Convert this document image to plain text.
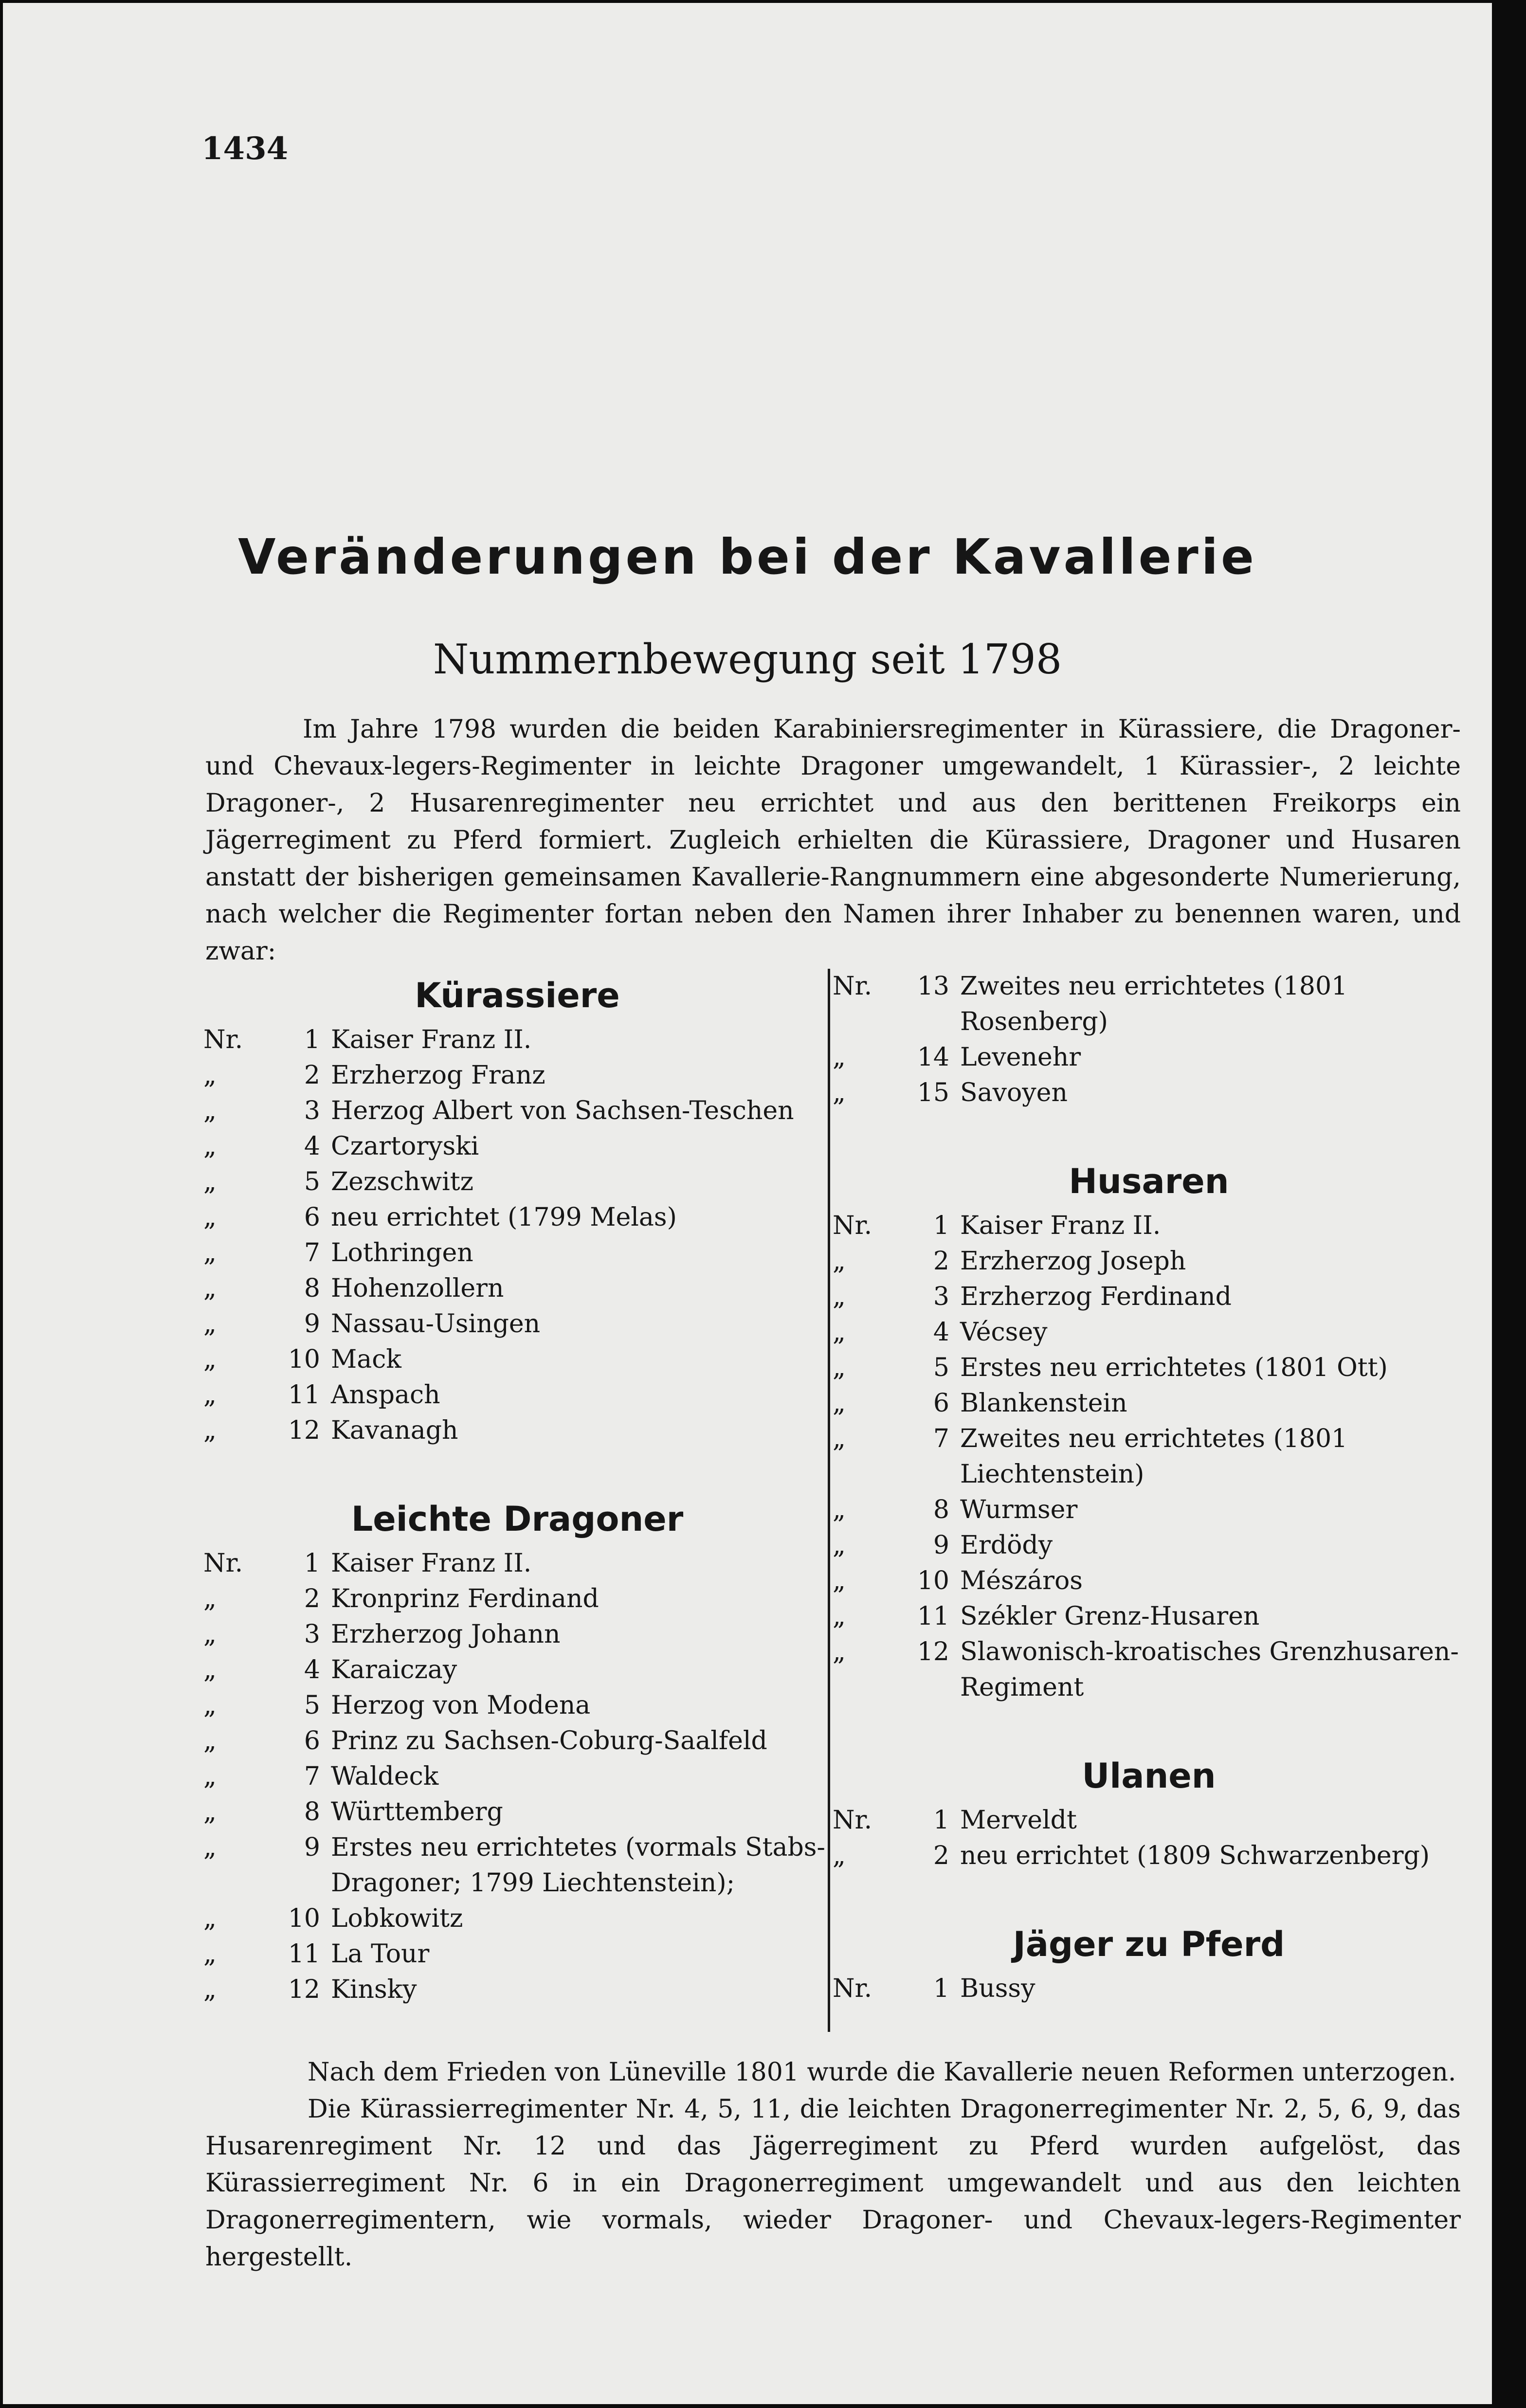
1434

Veränderungen bei der Kavallerie
Nummernbewegung seit 1798

Im Jahre 1798 wurden die beiden Karabiniersregimenter in Kürassiere, die Dragoner- und Chevaux-legers-Regimenter in leichte Dragoner umgewandelt, 1 Kürassier-, 2 leichte Dragoner-, 2 Husarenregimenter neu errichtet und aus den berittenen Freikorps ein Jägerregiment zu Pferd formiert. Zugleich erhielten die Kürassiere, Dragoner und Husaren anstatt der bisherigen gemeinsamen Kavallerie-Rangnummern eine abgesonderte Numerierung, nach welcher die Regimenter fortan neben den Namen ihrer Inhaber zu benennen waren, und zwar:

Kürassiere
Nr.	1 Kaiser Franz II.
„	2 Erzherzog Franz
„	3 Herzog Albert von Sachsen-Teschen
„	4 Czartoryski
„	5 Zezschwitz
„	6 neu errichtet (1799 Melas)
„	7 Lothringen
„	8 Hohenzollern
„	9 Nassau-Usingen
„	10 Mack
„	11 Anspach
„	12 Kavanagh
Leichte Dragoner
Nr.	1 Kaiser Franz II.
„	2 Kronprinz Ferdinand
„	3 Erzherzog Johann
„	4 Karaiczay
„	5 Herzog von Modena
„	6 Prinz zu Sachsen-Coburg-Saalfeld
„	7 Waldeck
„	8 Württemberg
„	9 Erstes neu errichtetes (vormals Stabs-Dragoner; 1799 Liechtenstein);
„	10 Lobkowitz
„	11 La Tour
„	12 Kinsky
Nr.	13 Zweites neu errichtetes (1801 Rosenberg)
„	14 Levenehr
„	15 Savoyen
Husaren
Nr.	1 Kaiser Franz II.
„	2 Erzherzog Joseph
„	3 Erzherzog Ferdinand
„	4 Vécsey
„	5 Erstes neu errichtetes (1801 Ott)
„	6 Blankenstein
„	7 Zweites neu errichtetes (1801 Liechtenstein)
„	8 Wurmser
„	9 Erdödy
„	10 Mészáros
„	11 Székler Grenz-Husaren
„	12 Slawonisch-kroatisches Grenzhusaren-Regiment
Ulanen
Nr.	1 Merveldt
„	2 neu errichtet (1809 Schwarzenberg)
Jäger zu Pferd
Nr.	1 Bussy

Nach dem Frieden von Lüneville 1801 wurde die Kavallerie neuen Reformen unterzogen.

Die Kürassierregimenter Nr. 4, 5, 11, die leichten Dragonerregimenter Nr. 2, 5, 6, 9, das Husarenregiment Nr. 12 und das Jägerregiment zu Pferd wurden aufgelöst, das Kürassierregiment Nr. 6 in ein Dragonerregiment umgewandelt und aus den leichten Dragonerregimentern, wie vormals, wieder Dragoner- und Chevaux-legers-Regimenter hergestellt.
